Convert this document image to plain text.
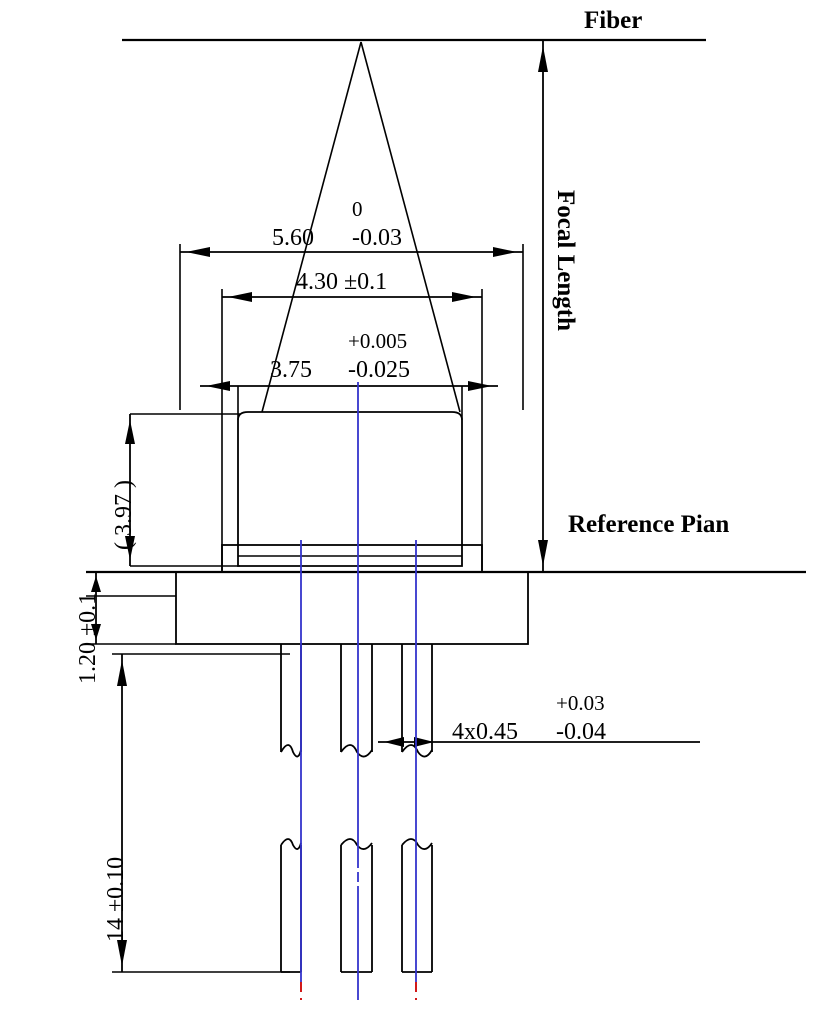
Fiber
Reference Pian
Focal Length
0
5.60 -0.03
4.30 ±0.1
+0.005
3.75 -0.025
( 3.97 )
1.20 ±0.1
14 ±0.10
+0.03
4x0.45 -0.04
